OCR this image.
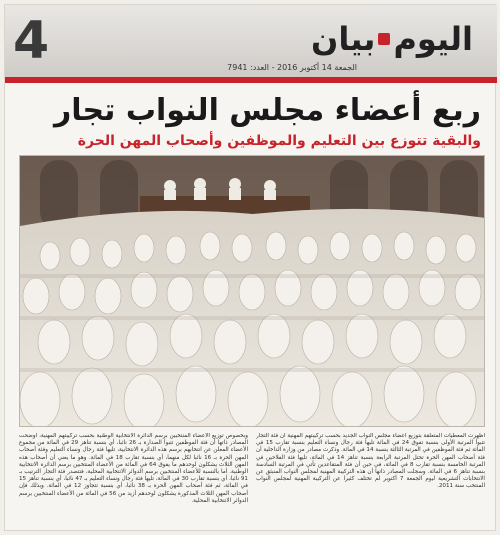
4	بيان اليوم
الجمعة 14 أكتوبر 2016 - العدد: 7941
ربع أعضاء مجلس النواب تجار
والبقية تتوزع بين التعليم والموظفين وأصحاب المهن الحرة

أظهرت المعطيات المتعلقة بتوزيع أعضاء مجلس النواب الجديد بحسب تركيبتهم المهنية أن فئة التجار تتبوأ المرتبة الأولى بنسبة تفوق 24 في المائة تليها فئة رجال ونساء التعليم بنسبة تقارب 15 في المائة ثم فئة الموظفين في المرتبة الثالثة بنسبة 14 في المائة. وذكرت مصادر من وزارة الداخلية أن فئة أصحاب المهن الحرة تحتل المرتبة الرابعة بنسبة تناهز 14 في المائة، تليها فئة الفلاحين في المرتبة الخامسة بنسبة تقارب 8 في المائة، في حين أن فئة المتقاعدين تأتي في المرتبة السادسة بنسبة تناهز 6 في المائة. وسجلت المصادر ذاتها أن هذه التركيبة المهنية لمجلس النواب المنبثق عن الانتخابات التشريعية ليوم الجمعة 7 أكتوبر لم تختلف كثيرا عن التركيبة المهنية لمجلس النواب المنتخب سنة 2011.

وبخصوص توزيع الأعضاء المنتخبين برسم الدائرة الانتخابية الوطنية بحسب تركيبتهم المهنية، أوضحت المصادر ذاتها أن فئة الموظفين تتبوأ الصدارة بـ 26 نائبا، أي بنسبة تناهز 29 في المائة من مجموع الأعضاء المعلن عن انتخابهم برسم هذه الدائرة الانتخابية، تليها فئة رجال ونساء التعليم وفئة أصحاب المهن الحرة بـ 16 نائبا لكل منهما، أي بنسبة تقارب 18 في المائة. وهو ما يعني أن أصحاب هذه المهن الثلاث يشكلون لوحدهم ما يفوق 64 في المائة من الأعضاء المنتخبين برسم الدائرة الانتخابية الوطنية. أما بالنسبة للأعضاء المنتخبين برسم الدوائر الانتخابية المحلية، فتتصدر فئة التجار الترتيب بـ 91 نائبا، أي بنسبة تقارب 30 في المائة، تليها فئة رجال ونساء التعليم بـ 47 نائبا، أي بنسبة تناهز 15 في المائة، ثم فئة أصحاب المهن الحرة بـ 38 نائبا، أي بنسبة تتجاوز 12 في المائة. وبذلك فإن أصحاب المهن الثلاث المذكورة يشكلون لوحدهم أزيد من 56 في المائة من الأعضاء المنتخبين برسم الدوائر الانتخابية المحلية.
